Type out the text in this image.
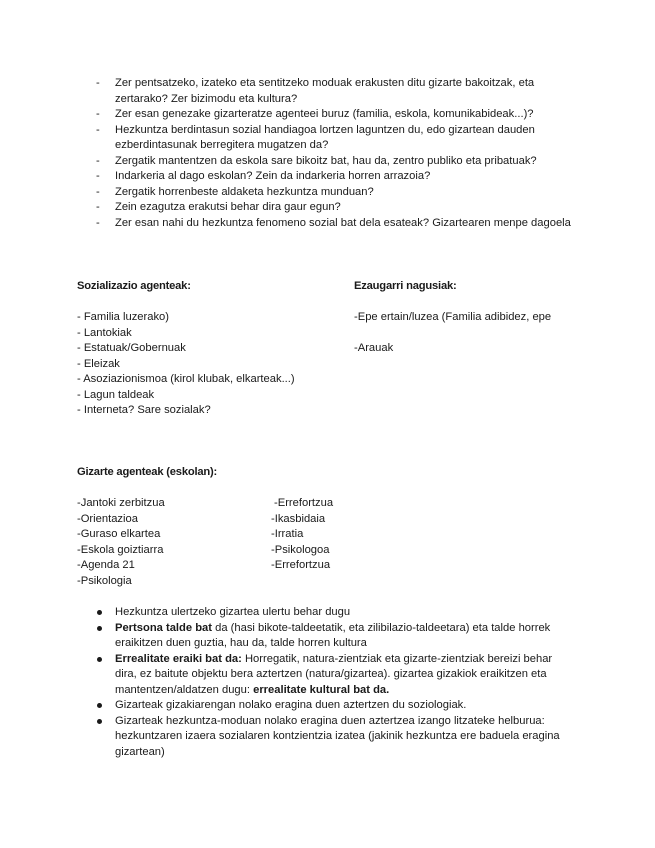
- Zer pentsatzeko, izateko eta sentitzeko moduak erakusten ditu gizarte bakoitzak, eta zertarako? Zer bizimodu eta kultura?
- Zer esan genezake gizarteratze agenteei buruz (familia, eskola, komunikabideak...)?
- Hezkuntza berdintasun sozial handiagoa lortzen laguntzen du, edo gizartean dauden ezberdintasunak berregitera mugatzen da?
- Zergatik mantentzen da eskola sare bikoitz bat, hau da, zentro publiko eta pribatuak?
- Indarkeria al dago eskolan? Zein da indarkeria horren arrazoia?
- Zergatik horrenbeste aldaketa hezkuntza munduan?
- Zein ezagutza erakutsi behar dira gaur egun?
- Zer esan nahi du hezkuntza fenomeno sozial bat dela esateak? Gizartearen menpe dagoela
Sozializazio agenteak:
- Familia luzerako)
- Lantokiak
- Estatuak/Gobernuak
- Eleizak
- Asoziazionismoa (kirol klubak, elkarteak...)
- Lagun taldeak
- Interneta? Sare sozialak?
Ezaugarri nagusiak:
-Epe ertain/luzea (Familia adibidez, epe
-Arauak
Gizarte agenteak (eskolan):
-Jantoki zerbitzua	-Errefortzua
-Orientazioa	-Ikasbidaia
-Guraso elkartea	-Irratia
-Eskola goiztiarra	-Psikologoa
-Agenda 21	-Errefortzua
-Psikologia
Hezkuntza ulertzeko gizartea ulertu behar dugu
Pertsona talde bat da (hasi bikote-taldeetatik, eta zilibilazio-taldeetara) eta talde horrek eraikitzen duen guztia, hau da, talde horren kultura
Errealitate eraiki bat da: Horregatik, natura-zientziak eta gizarte-zientziak bereizi behar dira, ez baitute objektu bera aztertzen (natura/gizartea). gizartea gizakiok eraikitzen eta mantentzen/aldatzen dugu: errealitate kultural bat da.
Gizarteak gizakiarengan nolako eragina duen aztertzen du soziologiak.
Gizarteak hezkuntza-moduan nolako eragina duen aztertzea izango litzateke helburua: hezkuntzaren izaera sozialaren kontzientzia izatea (jakinik hezkuntza ere baduela eragina gizartean)
